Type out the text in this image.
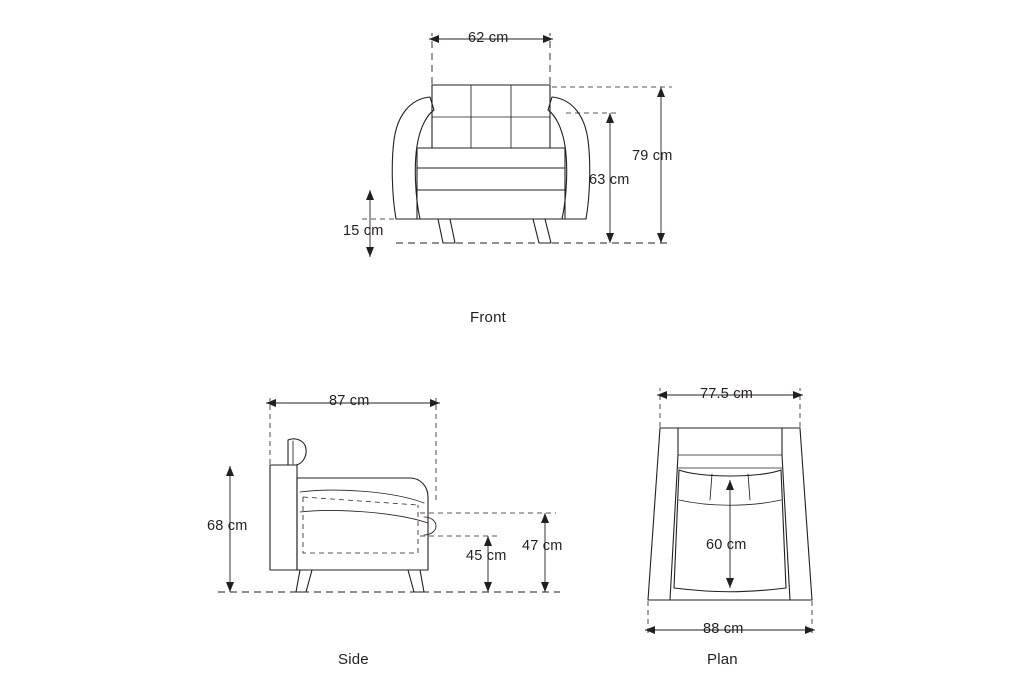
62 cm
79 cm
63 cm
15 cm
Front
87 cm
68 cm
45 cm
47 cm
Side
77.5 cm
60 cm
88 cm
Plan
